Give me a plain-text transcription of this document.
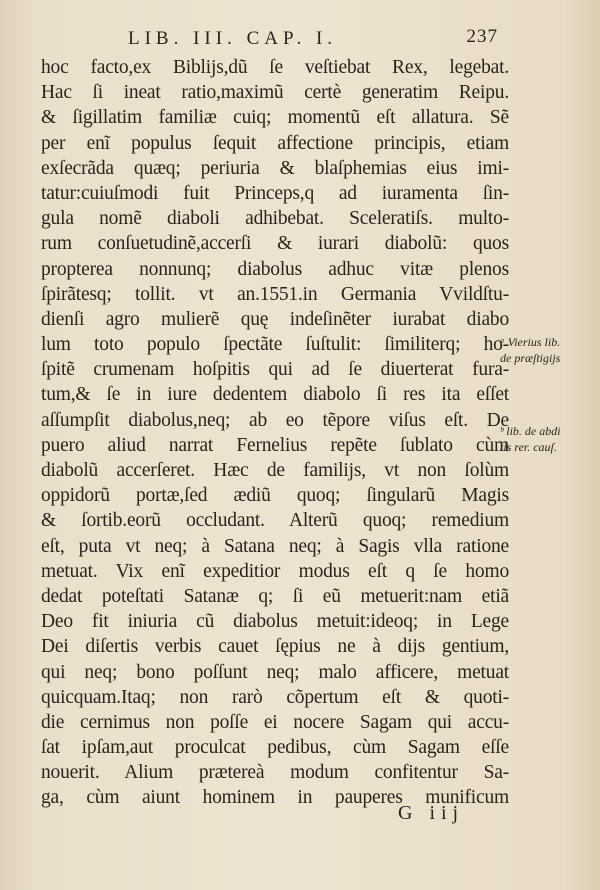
LIB. III. CAP. I.	237
hoc facto,ex Biblijs,dũ ſe veſtiebat Rex, legebat.
Hac ſi ineat ratio,maximũ certè generatim Reipu.
& ſigillatim familiæ cuiq; momentũ eſt allatura. Sẽ
per enĩ populus ſequit affectione principis, etiam
exſecrãda quæq; periuria & blaſphemias eius imi-
tatur:cuiuſmodi fuit Princeps,q ad iuramenta ſin-
gula nomẽ diaboli adhibebat. Sceleratiſs. multo-
rum conſuetudinẽ,accerſi & iurari diabolũ: quos
propterea nonnunq; diabolus adhuc vitæ plenos
ſpirãtesq; tollit. vt an.1551.in Germania Vvildſtu-
dienſi agro mulierẽ quę indeſinẽter iurabat diabo
lum toto populo ſpectãte ſuſtulit: ſimiliterq; ho-
ſpitẽ crumenam hoſpitis qui ad ſe diuerterat fura-
tum,& ſe in iure dedentem diabolo ſi res ita eſſet
aſſumpſit diabolus,neq; ab eo tẽpore viſus eſt. De
puero aliud narrat Fernelius repẽte ſublato cùm
diabolũ accerſeret. Hæc de familijs, vt non ſolùm
oppidorũ portæ,ſed ædiũ quoq; ſingularũ Magis
& ſortib.eorũ occludant. Alterũ quoq; remedium
eſt, puta vt neq; à Satana neq; à Sagis vlla ratione
metuat. Vix enĩ expeditior modus eſt q ſe homo
dedat poteſtati Satanæ q; ſi eũ metuerit:nam etiã
Deo fit iniuria cũ diabolus metuit:ideoq; in Lege
Dei diſertis verbis cauet ſępius ne à dijs gentium,
qui neq; bono poſſunt neq; malo afficere, metuat
quicquam.Itaq; non rarò cõpertum eſt & quoti-
die cernimus non poſſe ei nocere Sagam qui accu-
ſat ipſam,aut proculcat pedibus, cùm Sagam eſſe
nouerit. Alium prætereà modum confitentur Sa-
ga, cùm aiunt hominem in pauperes munificum
ᵃ Vierius lib.
de præſtigijs
ᵇ lib. de abdi
tis rer. cauſ.
G iij
